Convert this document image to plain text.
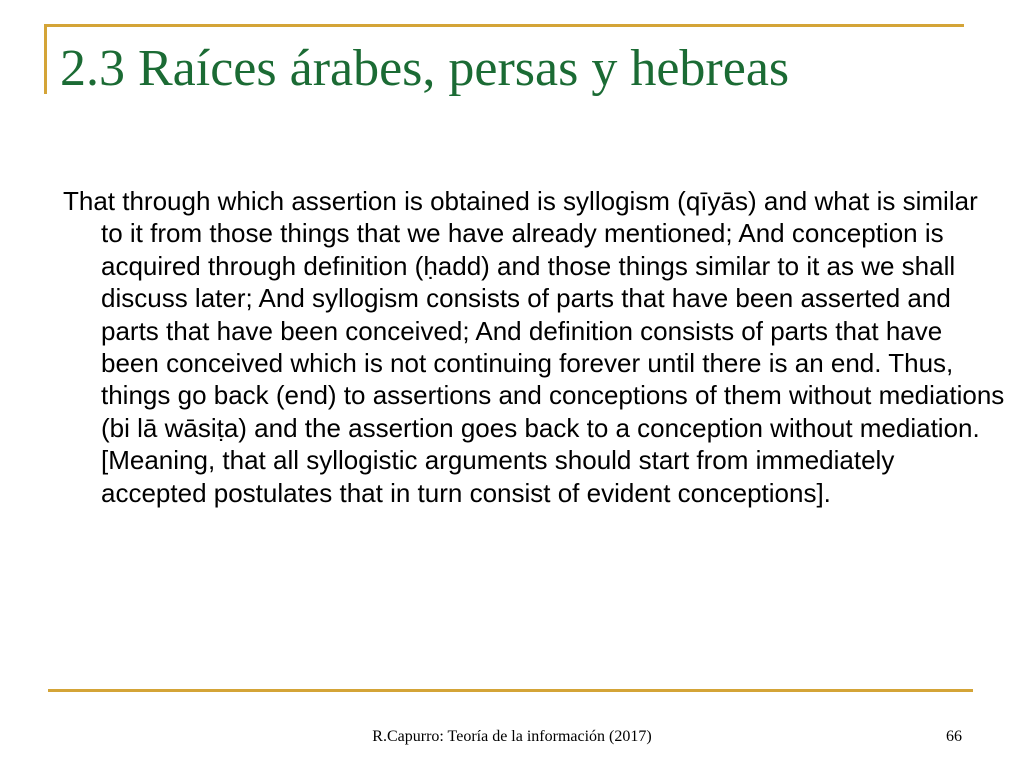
2.3 Raíces árabes, persas y hebreas

That through which assertion is obtained is syllogism (qīyās) and what is similar to it from those things that we have already mentioned; And conception is acquired through definition (ḥadd) and those things similar to it as we shall discuss later; And syllogism consists of parts that have been asserted and parts that have been conceived; And definition consists of parts that have been conceived which is not continuing forever until there is an end. Thus, things go back (end) to assertions and conceptions of them without mediations (bi lā wāsiṭa) and the assertion goes back to a conception without mediation. [Meaning, that all syllogistic arguments should start from immediately accepted postulates that in turn consist of evident conceptions].

R.Capurro: Teoría de la información (2017)	66
